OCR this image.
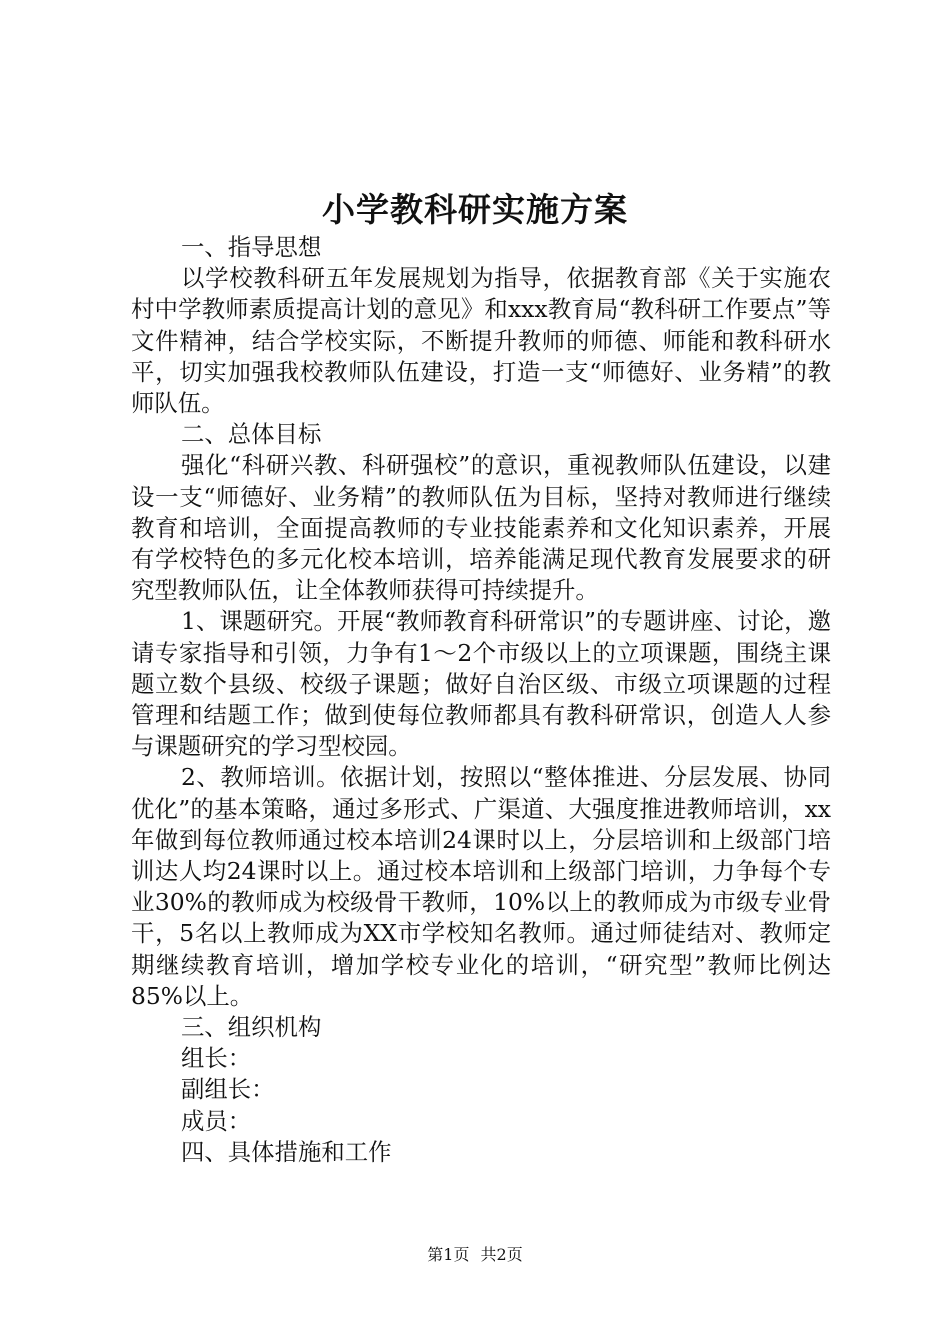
小学教科研实施方案

一、指导思想

以学校教科研五年发展规划为指导，依据教育部《关于实施农村中学教师素质提高计划的意见》和xxx教育局“教科研工作要点”等文件精神，结合学校实际，不断提升教师的师德、师能和教科研水平，切实加强我校教师队伍建设，打造一支“师德好、业务精”的教师队伍。

二、总体目标

强化“科研兴教、科研强校”的意识，重视教师队伍建设，以建设一支“师德好、业务精”的教师队伍为目标，坚持对教师进行继续教育和培训，全面提高教师的专业技能素养和文化知识素养，开展有学校特色的多元化校本培训，培养能满足现代教育发展要求的研究型教师队伍，让全体教师获得可持续提升。

1、课题研究。开展“教师教育科研常识”的专题讲座、讨论，邀请专家指导和引领，力争有1～2个市级以上的立项课题，围绕主课题立数个县级、校级子课题；做好自治区级、市级立项课题的过程管理和结题工作；做到使每位教师都具有教科研常识，创造人人参与课题研究的学习型校园。

2、教师培训。依据计划，按照以“整体推进、分层发展、协同优化”的基本策略，通过多形式、广渠道、大强度推进教师培训，xx年做到每位教师通过校本培训24课时以上，分层培训和上级部门培训达人均24课时以上。通过校本培训和上级部门培训，力争每个专业30%的教师成为校级骨干教师，10%以上的教师成为市级专业骨干，5名以上教师成为XX市学校知名教师。通过师徒结对、教师定期继续教育培训，增加学校专业化的培训，“研究型”教师比例达85%以上。

三、组织机构

组长：

副组长：

成员：

四、具体措施和工作

第1页 共2页
